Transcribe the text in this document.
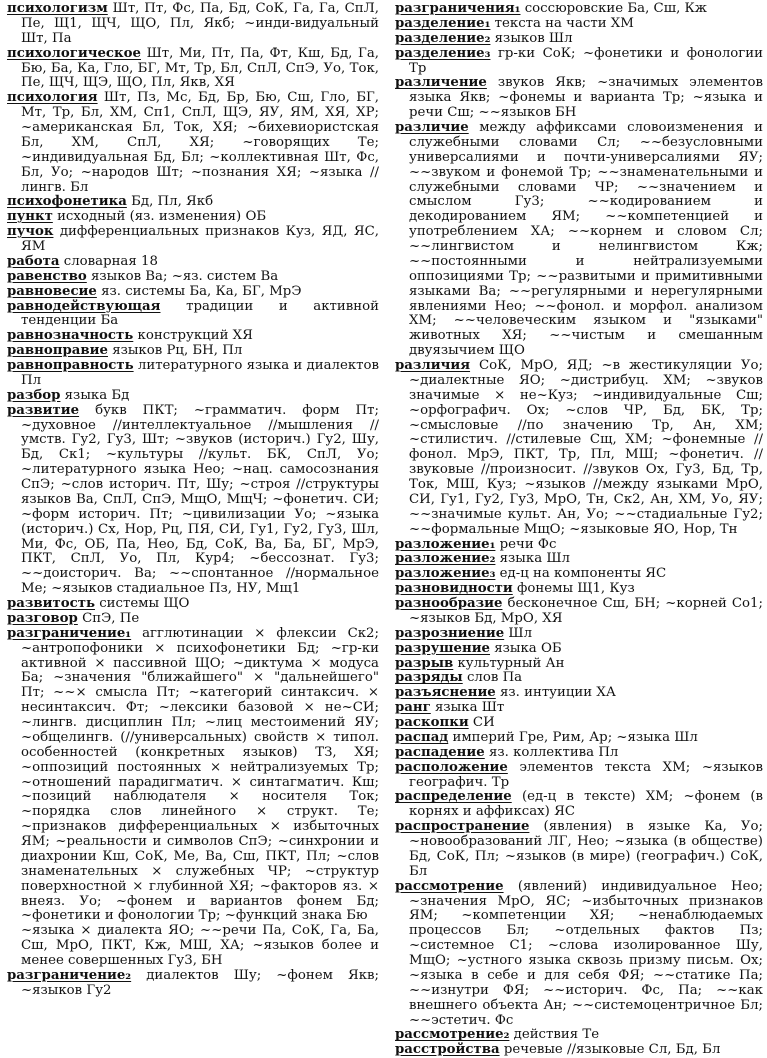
психологизм Шт, Пт, Фс, Па, Бд, СоК, Га, Га, СпЛ, Пе, Щ1, ЩЧ, ЩО, Пл, Якб; ~инди-видуальный Шт, Па

психологическое Шт, Ми, Пт, Па, Фт, Кш, Бд, Га, Бю, Ба, Ка, Гло, БГ, Мт, Тр, Бл, СпЛ, СпЭ, Уо, Ток, Пе, ЩЧ, ЩЭ, ЩО, Пл, Якв, ХЯ

психология Шт, Пз, Мс, Бд, Бр, Бю, Сш, Гло, БГ, Мт, Тр, Бл, ХМ, Сп1, СпЛ, ЩЭ, ЯУ, ЯМ, ХЯ, ХР; ~американская Бл, Ток, ХЯ; ~бихевиористская Бл, ХМ, СпЛ, ХЯ; ~говорящих Те; ~индивидуальная Бд, Бл; ~коллективная Шт, Фс, Бл, Уо; ~народов Шт; ~познания ХЯ; ~языка //лингв. Бл

психофонетика Бд, Пл, Якб

пункт исходный (яз. изменения) ОБ

пучок дифференциальных признаков Куз, ЯД, ЯС, ЯМ

работа словарная 18

равенство языков Ва; ~яз. систем Ва

равновесие яз. системы Ба, Ка, БГ, МрЭ

равнодействующая традиции и активной тенденции Ба

равнозначность конструкций ХЯ

равноправие языков Рц, БН, Пл

равноправность литературного языка и диалектов Пл

разбор языка Бд

развитие букв ПКТ; ~грамматич. форм Пт; ~духовное //интеллектуальное //мышления //умств. Гу2, Гу3, Шт; ~звуков (историч.) Гу2, Шу, Бд, Ск1; ~культуры //культ. БК, СпЛ, Уо; ~литературного языка Нео; ~нац. самосознания СпЭ; ~слов историч. Пт, Шу; ~строя //структуры языков Ва, СпЛ, СпЭ, МщО, МщЧ; ~фонетич. СИ; ~форм историч. Пт; ~цивилизации Уо; ~языка (историч.) Сх, Нор, Рц, ПЯ, СИ, Гу1, Гу2, Гу3, Шл, Ми, Фс, ОБ, Па, Нео, Бд, СоК, Ва, Ба, БГ, МрЭ, ПКТ, СпЛ, Уо, Пл, Кур4; ~бессознат. Гу3; ~~доисторич. Ва; ~~спонтанное //нормальное Ме; ~языков стадиальное Пз, НУ, Мщ1

развитость системы ЩО

разговор СпЭ, Пе

разграничение₁ агглютинации × флексии Ск2; ~антропофоники × психофонетики Бд; ~гр-ки активной × пассивной ЩО; ~диктума × модуса Ба; ~значения "ближайшего" × "дальнейшего" Пт; ~~× смысла Пт; ~категорий синтаксич. × несинтаксич. Фт; ~лексики базовой × не~СИ; ~лингв. дисциплин Пл; ~лиц местоимений ЯУ; ~общелингв. (//универсальных) свойств × типол. особенностей (конкретных языков) ТЗ, ХЯ; ~оппозиций постоянных × нейтрализуемых Тр; ~отношений парадигматич. × синтагматич. Кш; ~позиций наблюдателя × носителя Ток; ~порядка слов линейного × структ. Те; ~признаков дифференциальных × избыточных ЯМ; ~реальности и символов СпЭ; ~синхронии и диахронии Кш, СоК, Ме, Ва, Сш, ПКТ, Пл; ~слов знаменательных × служебных ЧР; ~структур поверхностной × глубинной ХЯ; ~факторов яз. × внеяз. Уо; ~фонем и вариантов фонем Бд; ~фонетики и фонологии Тр; ~функций знака Бю

~языка × диалекта ЯО; ~~речи Па, СоК, Га, Ба, Сш, МрО, ПКТ, Кж, МШ, ХА; ~языков более и менее совершенных Гу3, БН

разграничение₂ диалектов Шу; ~фонем Якв; ~языков Гу2

разграничения₁ соссюровские Ба, Сш, Кж

разделение₁ текста на части ХМ

разделение₂ языков Шл

разделение₃ гр-ки СоК; ~фонетики и фонологии Тр

различение звуков Якв; ~значимых элементов языка Якв; ~фонемы и варианта Тр; ~языка и речи Сш; ~~языков БН

различие между аффиксами словоизменения и служебными словами Сл; ~~безусловными универсалиями и почти-универсалиями ЯУ; ~~звуком и фонемой Тр; ~~знаменательными и служебными словами ЧР; ~~значением и смыслом Гу3; ~~кодированием и декодированием ЯМ; ~~компетенцией и употреблением ХА; ~~корнем и словом Сл; ~~лингвистом и нелингвистом Кж; ~~постоянными и нейтрализуемыми оппозициями Тр; ~~развитыми и примитивными языками Ва; ~~регулярными и нерегулярными явлениями Нео; ~~фонол. и морфол. анализом ХМ; ~~человеческим языком и "языками" животных ХЯ; ~~чистым и смешанным двуязычием ЩО

различия СоК, МрО, ЯД; ~в жестикуляции Уо; ~диалектные ЯО; ~дистрибуц. ХМ; ~звуков значимые × не~Куз; ~индивидуальные Сш; ~орфографич. Ох; ~слов ЧР, Бд, БК, Тр; ~смысловые //по значению Тр, Ан, ХМ; ~стилистич. //стилевые Сщ, ХМ; ~фонемные //фонол. МрЭ, ПКТ, Тр, Пл, МШ; ~фонетич. //звуковые //произносит. //звуков Ох, Гу3, Бд, Тр, Ток, МШ, Куз; ~языков //между языками МрО, СИ, Гу1, Гу2, Гу3, МрО, Тн, Ск2, Ан, ХМ, Уо, ЯУ; ~~значимые культ. Ан, Уо; ~~стадиальные Гу2; ~~формальные МщО; ~языковые ЯО, Нор, Тн

разложение₁ речи Фс

разложение₂ языка Шл

разложение₃ ед-ц на компоненты ЯС

разновидности фонемы Щ1, Куз

разнообразие бесконечное Сш, БН; ~корней Со1; ~языков Бд, МрО, ХЯ

разрозниение Шл

разрушение языка ОБ

разрыв культурный Ан

разряды слов Па

разъяснение яз. интуиции ХА

ранг языка Шт

раскопки СИ

распад империй Гре, Рим, Ар; ~языка Шл

распадение яз. коллектива Пл

расположение элементов текста ХМ; ~языков географич. Тр

распределение (ед-ц в тексте) ХМ; ~фонем (в корнях и аффиксах) ЯС

распространение (явления) в языке Ка, Уо; ~новообразований ЛГ, Нео; ~языка (в обществе) Бд, СоК, Пл; ~языков (в мире) (географич.) СоК, Бл

рассмотрение (явлений) индивидуальное Нео; ~значения МрО, ЯС; ~избыточных признаков ЯМ; ~компетенции ХЯ; ~ненаблюдаемых процессов Бл; ~отдельных фактов Пз; ~системное С1; ~слова изолированное Шу, МщО; ~устного языка сквозь призму письм. Ох; ~языка в себе и для себя ФЯ; ~~статике Па; ~~изнутри ФЯ; ~~историч. Фс, Па; ~~как внешнего объекта Ан; ~~системоцентричное Бл; ~~эстетич. Фс

рассмотрение₂ действия Те

расстройства речевые //языковые Сл, Бд, Бл
